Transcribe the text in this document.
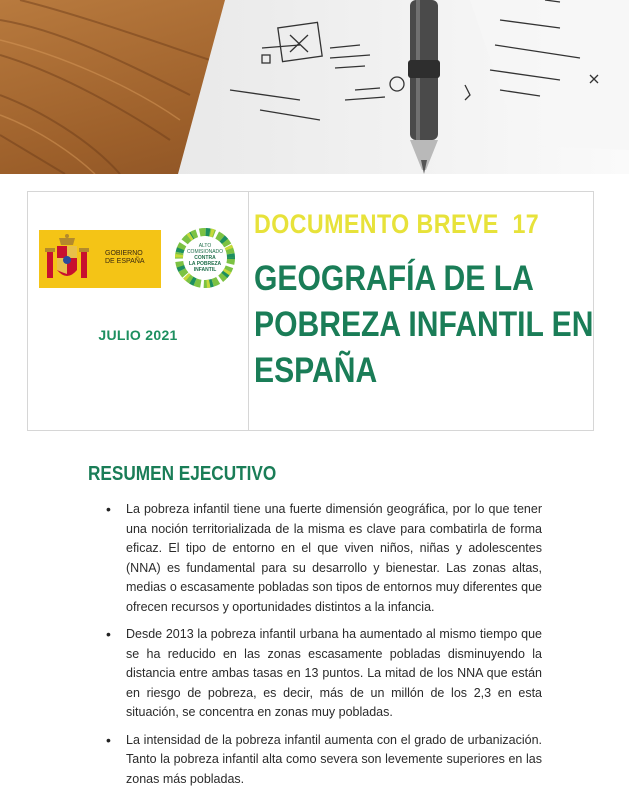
GOBIERNO
DE ESPAÑA
ALTO
COMISIONADO
CONTRA
LA POBREZA
INFANTIL
JULIO 2021
DOCUMENTO BREVE  17
GEOGRAFÍA DE LA
POBREZA INFANTIL EN
ESPAÑA
RESUMEN EJECUTIVO
• La pobreza infantil tiene una fuerte dimensión geográfica, por lo que tener una noción territorializada de la misma es clave para combatirla de forma eficaz. El tipo de entorno en el que viven niños, niñas y adolescentes (NNA) es fundamental para su desarrollo y bienestar. Las zonas altas, medias o escasamente pobladas son tipos de entornos muy diferentes que ofrecen recursos y oportunidades distintos a la infancia.
• Desde 2013 la pobreza infantil urbana ha aumentado al mismo tiempo que se ha reducido en las zonas escasamente pobladas disminuyendo la distancia entre ambas tasas en 13 puntos. La mitad de los NNA que están en riesgo de pobreza, es decir, más de un millón de los 2,3 en esta situación, se concentra en zonas muy pobladas.
• La intensidad de la pobreza infantil aumenta con el grado de urbanización. Tanto la pobreza infantil alta como severa son levemente superiores en las zonas más pobladas.
